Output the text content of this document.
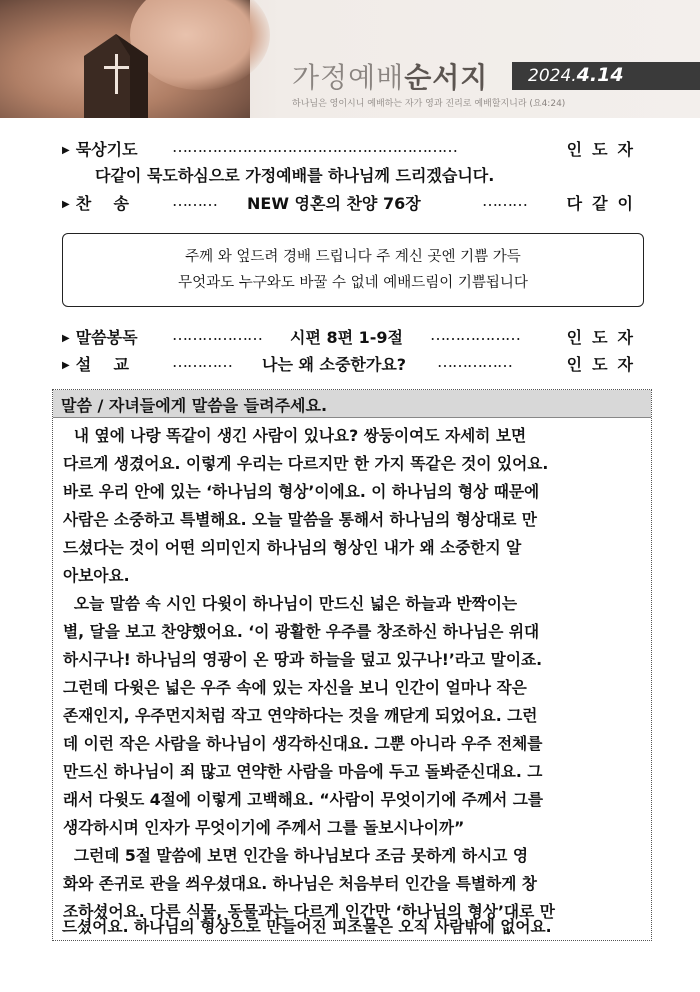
가정예배순서지 2024.4.14
하나님은 영이시니 예배하는 자가 영과 진리로 예배할지니라 (요4:24)
▶ 묵상기도 …………………………………………………	인도자
다같이 묵도하심으로 가정예배를 하나님께 드리겠습니다.
▶ 찬    송	……… NEW 영혼의 찬양 76장	……… 다같이
주께 와 엎드려 경배 드립니다 주 계신 곳엔 기쁨 가득
무엇과도 누구와도 바꿀 수 없네 예배드림이 기쁨됩니다
▶ 말씀봉독 ……………… 시편 8편 1-9절 ………………	인도자
▶ 설    교	………… 나는 왜 소중한가요? ……………	인도자
말씀 / 자녀들에게 말씀을 들려주세요.
내 옆에 나랑 똑같이 생긴 사람이 있나요? 쌍둥이여도 자세히 보면
다르게 생겼어요. 이렇게 우리는 다르지만 한 가지 똑같은 것이 있어요.
바로 우리 안에 있는 ‘하나님의 형상’이에요. 이 하나님의 형상 때문에
사람은 소중하고 특별해요. 오늘 말씀을 통해서 하나님의 형상대로 만
드셨다는 것이 어떤 의미인지 하나님의 형상인 내가 왜 소중한지 알
아보아요.
오늘 말씀 속 시인 다윗이 하나님이 만드신 넓은 하늘과 반짝이는
별, 달을 보고 찬양했어요. ‘이 광활한 우주를 창조하신 하나님은 위대
하시구나! 하나님의 영광이 온 땅과 하늘을 덮고 있구나!’라고 말이죠.
그런데 다윗은 넓은 우주 속에 있는 자신을 보니 인간이 얼마나 작은
존재인지, 우주먼지처럼 작고 연약하다는 것을 깨닫게 되었어요. 그런
데 이런 작은 사람을 하나님이 생각하신대요. 그뿐 아니라 우주 전체를
만드신 하나님이 죄 많고 연약한 사람을 마음에 두고 돌봐준신대요. 그
래서 다윗도 4절에 이렇게 고백해요. “사람이 무엇이기에 주께서 그를
생각하시며 인자가 무엇이기에 주께서 그를 돌보시나이까”
그런데 5절 말씀에 보면 인간을 하나님보다 조금 못하게 하시고 영
화와 존귀로 관을 씌우셨대요. 하나님은 처음부터 인간을 특별하게 창
조하셨어요. 다른 식물, 동물과는 다르게 인간만 ‘하나님의 형상’대로 만
드셨어요. 하나님의 형상으로 만들어진 피조물은 오직 사람밖에 없어요.
